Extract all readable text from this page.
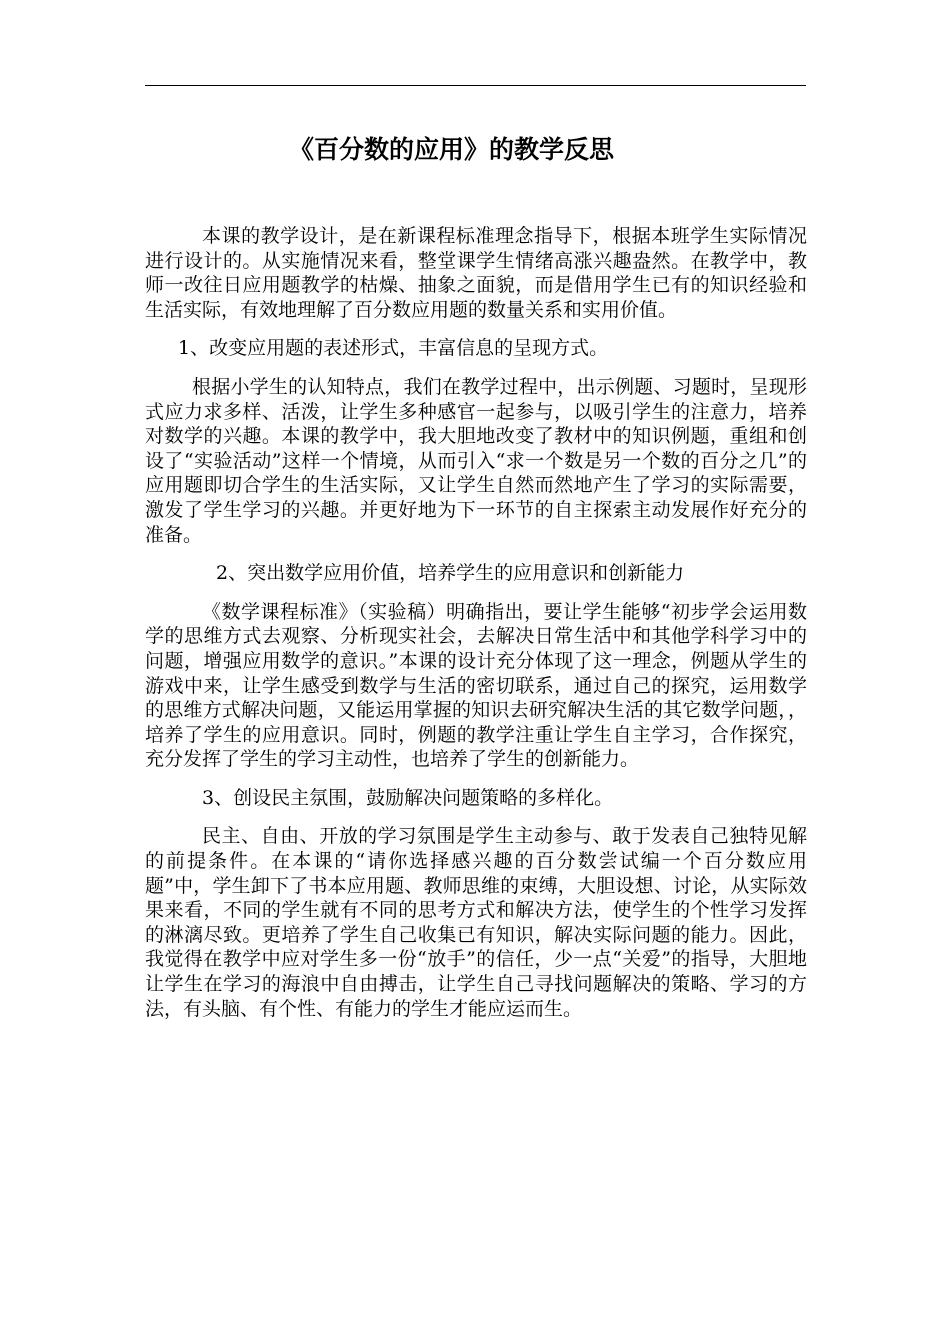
《百分数的应用》的教学反思

本课的教学设计，是在新课程标准理念指导下，根据本班学生实际情况进行设计的。从实施情况来看，整堂课学生情绪高涨兴趣盎然。在教学中，教师一改往日应用题教学的枯燥、抽象之面貌，而是借用学生已有的知识经验和生活实际，有效地理解了百分数应用题的数量关系和实用价值。

1、改变应用题的表述形式，丰富信息的呈现方式。

根据小学生的认知特点，我们在教学过程中，出示例题、习题时，呈现形式应力求多样、活泼，让学生多种感官一起参与，以吸引学生的注意力，培养对数学的兴趣。本课的教学中，我大胆地改变了教材中的知识例题，重组和创设了“实验活动”这样一个情境，从而引入“求一个数是另一个数的百分之几”的应用题即切合学生的生活实际，又让学生自然而然地产生了学习的实际需要，激发了学生学习的兴趣。并更好地为下一环节的自主探索主动发展作好充分的准备。

2、突出数学应用价值，培养学生的应用意识和创新能力

《数学课程标准》（实验稿）明确指出，要让学生能够“初步学会运用数学的思维方式去观察、分析现实社会，去解决日常生活中和其他学科学习中的问题，增强应用数学的意识。”本课的设计充分体现了这一理念，例题从学生的游戏中来，让学生感受到数学与生活的密切联系，通过自己的探究，运用数学的思维方式解决问题，又能运用掌握的知识去研究解决生活的其它数学问题，，培养了学生的应用意识。同时，例题的教学注重让学生自主学习，合作探究，充分发挥了学生的学习主动性，也培养了学生的创新能力。

3、创设民主氛围，鼓励解决问题策略的多样化。

民主、自由、开放的学习氛围是学生主动参与、敢于发表自己独特见解的前提条件。在本课的“请你选择感兴趣的百分数尝试编一个百分数应用题”中，学生卸下了书本应用题、教师思维的束缚，大胆设想、讨论，从实际效果来看，不同的学生就有不同的思考方式和解决方法，使学生的个性学习发挥的淋漓尽致。更培养了学生自己收集已有知识，解决实际问题的能力。因此，我觉得在教学中应对学生多一份“放手”的信任，少一点“关爱”的指导，大胆地让学生在学习的海浪中自由搏击，让学生自己寻找问题解决的策略、学习的方法，有头脑、有个性、有能力的学生才能应运而生。
